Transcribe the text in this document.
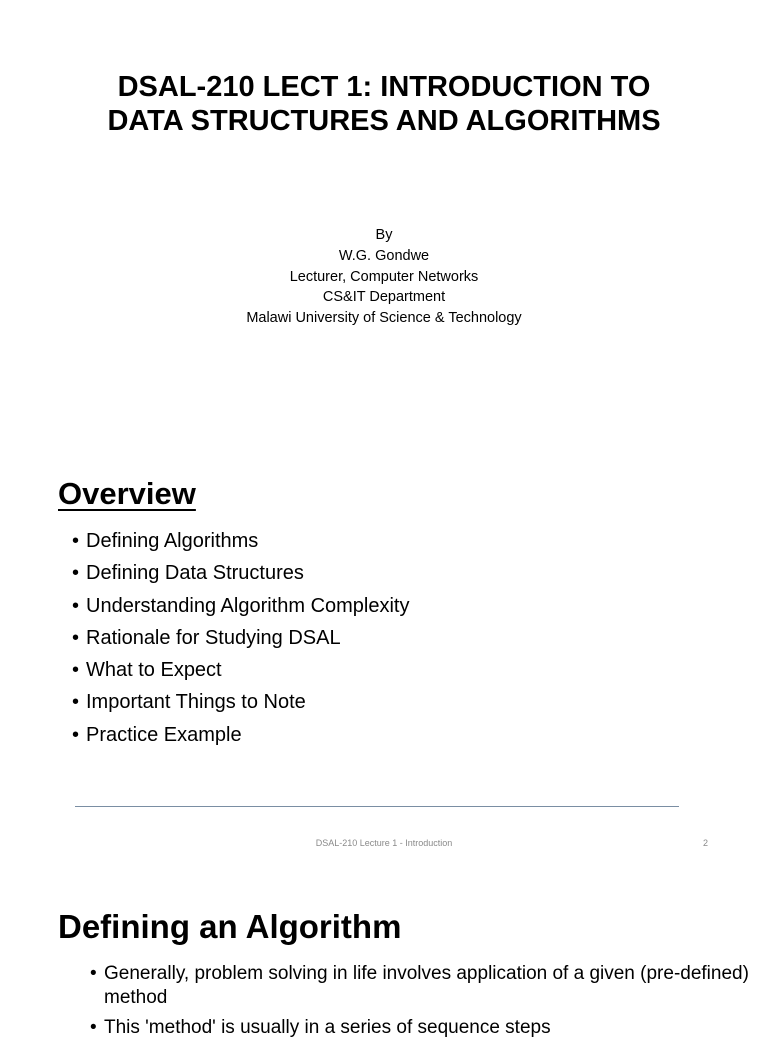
DSAL-210 LECT 1: INTRODUCTION TO DATA STRUCTURES AND ALGORITHMS
By
W.G. Gondwe
Lecturer, Computer Networks
CS&IT Department
Malawi University of Science & Technology
Overview
• Defining Algorithms
• Defining Data Structures
• Understanding Algorithm Complexity
• Rationale for Studying DSAL
• What to Expect
• Important Things to Note
• Practice Example
DSAL-210 Lecture 1 - Introduction	2
Defining an Algorithm
• Generally, problem solving in life involves application of a given (pre-defined) method
• This 'method' is usually in a series of sequence steps
